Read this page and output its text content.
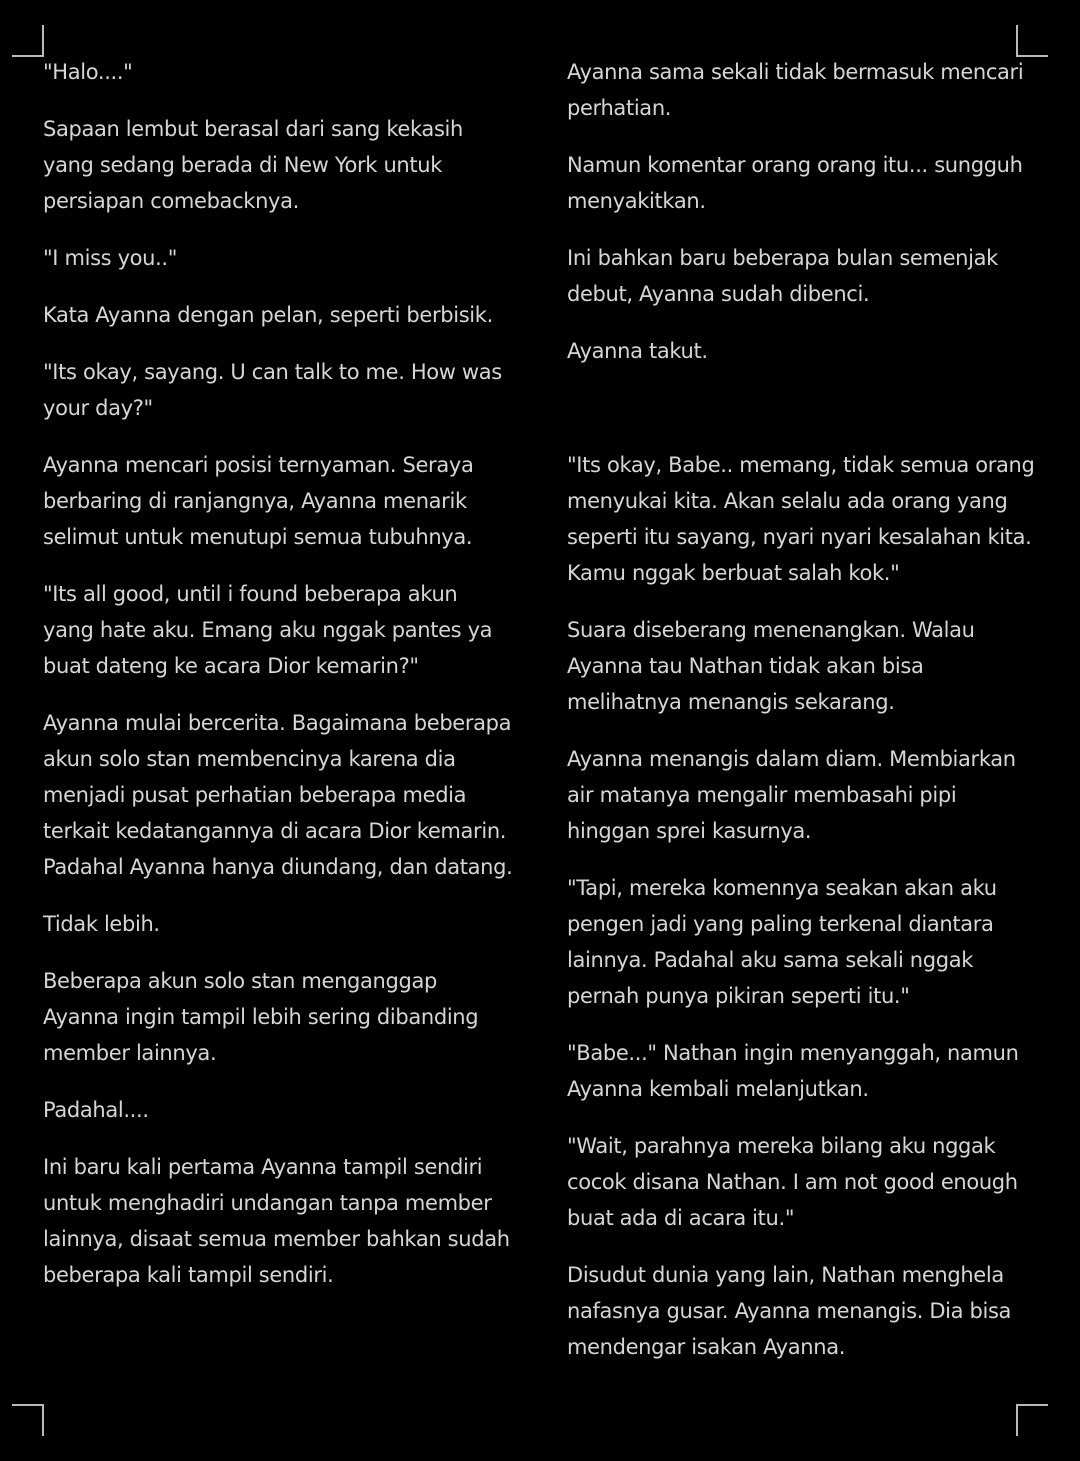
"Halo...."

Sapaan lembut berasal dari sang kekasih yang sedang berada di New York untuk persiapan comebacknya.

"I miss you.."

Kata Ayanna dengan pelan, seperti berbisik.

"Its okay, sayang. U can talk to me. How was your day?"

Ayanna mencari posisi ternyaman. Seraya berbaring di ranjangnya, Ayanna menarik selimut untuk menutupi semua tubuhnya.

"Its all good, until i found beberapa akun yang hate aku. Emang aku nggak pantes ya buat dateng ke acara Dior kemarin?"

Ayanna mulai bercerita. Bagaimana beberapa akun solo stan membencinya karena dia menjadi pusat perhatian beberapa media terkait kedatangannya di acara Dior kemarin. Padahal Ayanna hanya diundang, dan datang.

Tidak lebih.

Beberapa akun solo stan menganggap Ayanna ingin tampil lebih sering dibanding member lainnya.

Padahal....

Ini baru kali pertama Ayanna tampil sendiri untuk menghadiri undangan tanpa member lainnya, disaat semua member bahkan sudah beberapa kali tampil sendiri.

Ayanna sama sekali tidak bermasuk mencari perhatian.

Namun komentar orang orang itu... sungguh menyakitkan.

Ini bahkan baru beberapa bulan semenjak debut, Ayanna sudah dibenci.

Ayanna takut.

"Its okay, Babe.. memang, tidak semua orang menyukai kita. Akan selalu ada orang yang seperti itu sayang, nyari nyari kesalahan kita. Kamu nggak berbuat salah kok."

Suara diseberang menenangkan. Walau Ayanna tau Nathan tidak akan bisa melihatnya menangis sekarang.

Ayanna menangis dalam diam. Membiarkan air matanya mengalir membasahi pipi hinggan sprei kasurnya.

"Tapi, mereka komennya seakan akan aku pengen jadi yang paling terkenal diantara lainnya. Padahal aku sama sekali nggak pernah punya pikiran seperti itu."

"Babe..." Nathan ingin menyanggah, namun Ayanna kembali melanjutkan.

"Wait, parahnya mereka bilang aku nggak cocok disana Nathan. I am not good enough buat ada di acara itu."

Disudut dunia yang lain, Nathan menghela nafasnya gusar. Ayanna menangis. Dia bisa mendengar isakan Ayanna.
